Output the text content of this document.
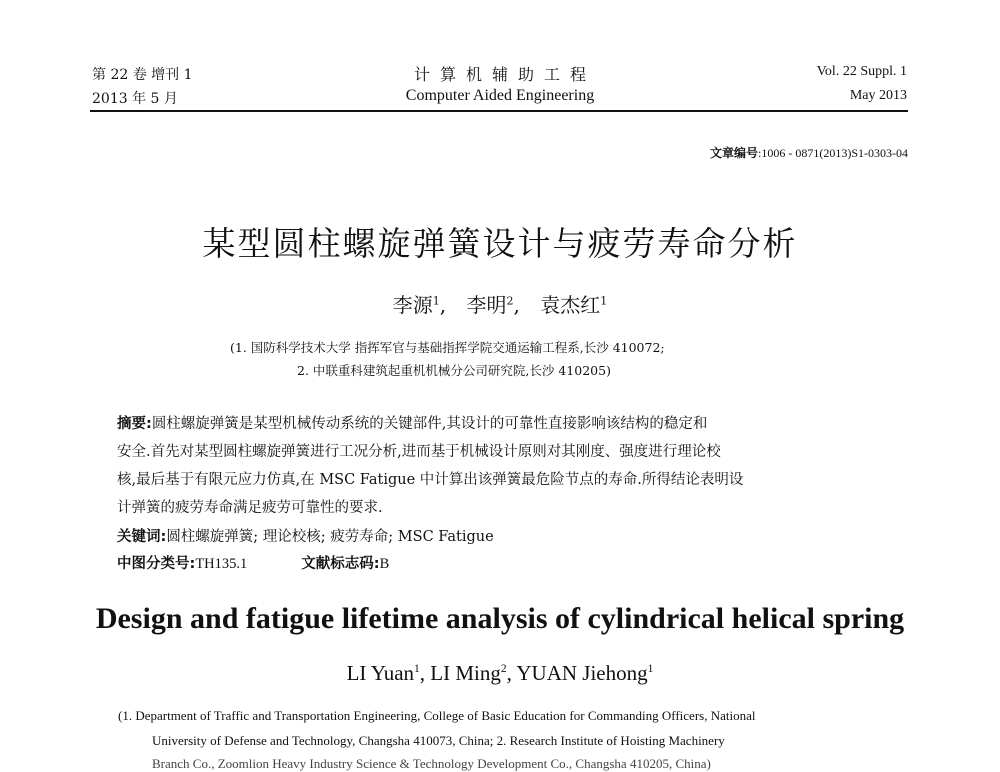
第 22 卷 增刊 1
2013 年 5 月
计算机辅助工程
Computer Aided Engineering
Vol. 22 Suppl. 1
May 2013
文章编号:1006 - 0871(2013)S1-0303-04
某型圆柱螺旋弹簧设计与疲劳寿命分析
李源$^1$, 李明$^2$, 袁杰红$^1$
(1. 国防科学技术大学 指挥军官与基础指挥学院交通运输工程系,长沙 410072;
2. 中联重科建筑起重机机械分公司研究院,长沙 410205)
摘要:圆柱螺旋弹簧是某型机械传动系统的关键部件,其设计的可靠性直接影响该结构的稳定和
安全.首先对某型圆柱螺旋弹簧进行工况分析,进而基于机械设计原则对其刚度、强度进行理论校
核,最后基于有限元应力仿真,在 MSC Fatigue 中计算出该弹簧最危险节点的寿命.所得结论表明设
计弹簧的疲劳寿命满足疲劳可靠性的要求.
关键词:圆柱螺旋弹簧; 理论校核; 疲劳寿命; MSC Fatigue
中图分类号:TH135.1	文献标志码:B
Design and fatigue lifetime analysis of cylindrical helical spring
LI Yuan$^1$, LI Ming$^2$, YUAN Jiehong$^1$
(1. Department of Traffic and Transportation Engineering, College of Basic Education for Commanding Officers, National
University of Defense and Technology, Changsha 410073, China; 2. Research Institute of Hoisting Machinery
Branch Co., Zoomlion Heavy Industry Science & Technology Development Co., Changsha 410205, China)
